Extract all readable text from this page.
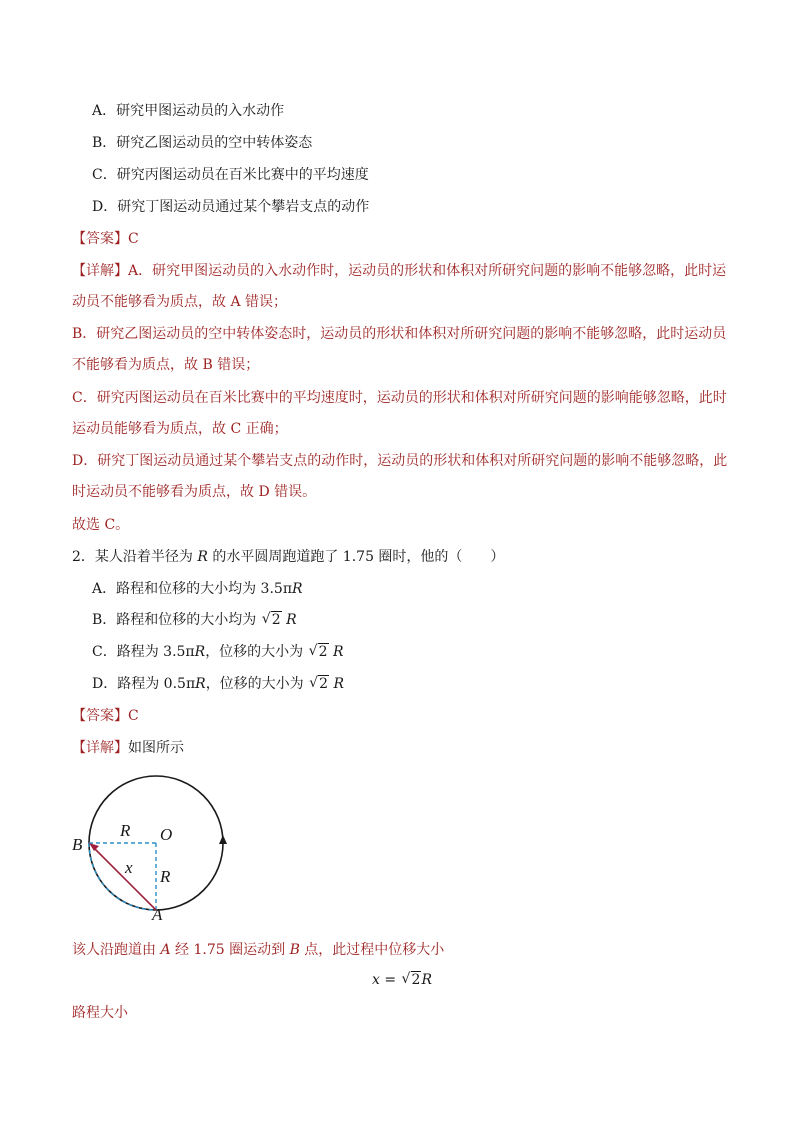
A．研究甲图运动员的入水动作
B．研究乙图运动员的空中转体姿态
C．研究丙图运动员在百米比赛中的平均速度
D．研究丁图运动员通过某个攀岩支点的动作
【答案】C
【详解】A．研究甲图运动员的入水动作时，运动员的形状和体积对所研究问题的影响不能够忽略，此时运
动员不能够看为质点，故 A 错误；
B．研究乙图运动员的空中转体姿态时，运动员的形状和体积对所研究问题的影响不能够忽略，此时运动员
不能够看为质点，故 B 错误；
C．研究丙图运动员在百米比赛中的平均速度时，运动员的形状和体积对所研究问题的影响能够忽略，此时
运动员能够看为质点，故 C 正确；
D．研究丁图运动员通过某个攀岩支点的动作时，运动员的形状和体积对所研究问题的影响不能够忽略，此
时运动员不能够看为质点，故 D 错误。
故选 C。
2．某人沿着半径为 R 的水平圆周跑道跑了 1.75 圈时，他的（　　）
A．路程和位移的大小均为 3.5πR
B．路程和位移的大小均为 √ 2 R
C．路程为 3.5πR，位移的大小为 √ 2 R
D．路程为 0.5πR，位移的大小为 √ 2 R
【答案】C
【详解】如图所示
B
O
A
R
R
x
该人沿跑道由 A 经 1.75 圈运动到 B 点，此过程中位移大小
x = √ 2R
路程大小
